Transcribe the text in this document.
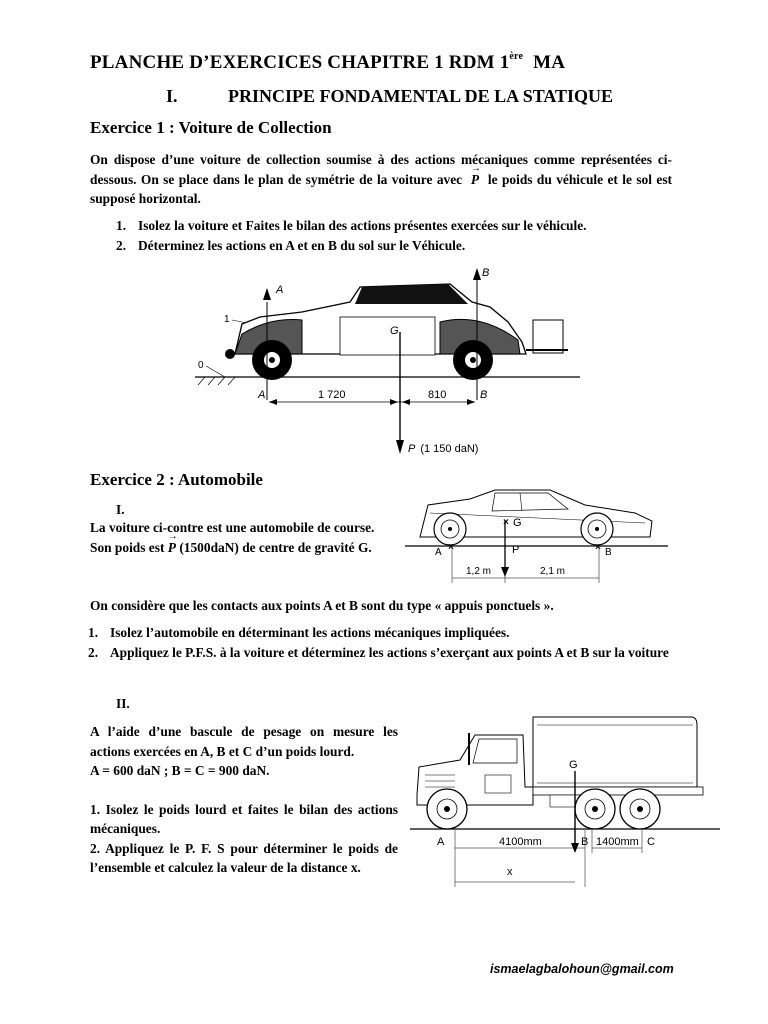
PLANCHE D’EXERCICES CHAPITRE 1 RDM 1ère MA
I.	PRINCIPE FONDAMENTAL DE LA STATIQUE
Exercice 1 : Voiture de Collection
On dispose d’une voiture de collection soumise à des actions mécaniques comme représentées ci-dessous. On se place dans le plan de symétrie de la voiture avec → P le poids du véhicule et le sol est supposé horizontal.
1. Isolez la voiture et Faites le bilan des actions présentes exercées sur le véhicule.
2. Déterminez les actions en A et en B du sol sur le Véhicule.
0
1
A
B
G
P (1 150 daN)
A	B
1 720	810
Exercice 2 : Automobile
I.
La voiture ci-contre est une automobile de course.
Son poids est → P (1500daN) de centre de gravité G.
On considère que les contacts aux points A et B sont du type « appuis ponctuels ».
1. Isolez l’automobile en déterminant les actions mécaniques impliquées.
2. Appliquez le P.F.S. à la voiture et déterminez les actions s’exerçant aux points A et B sur la voiture
×	×
× G
P
A	B
1,2 m	2,1 m
II.
A l’aide d’une bascule de pesage on mesure les actions exercées en A, B et C d’un poids lourd.
A = 600 daN ; B = C = 900 daN.
1. Isolez le poids lourd et faites le bilan des actions mécaniques.
2. Appliquez le P. F. S pour déterminer le poids de l’ensemble et calculez la valeur de la distance x.
G
A	B	C
4100mm	1400mm
x
ismaelagbalohoun@gmail.com
